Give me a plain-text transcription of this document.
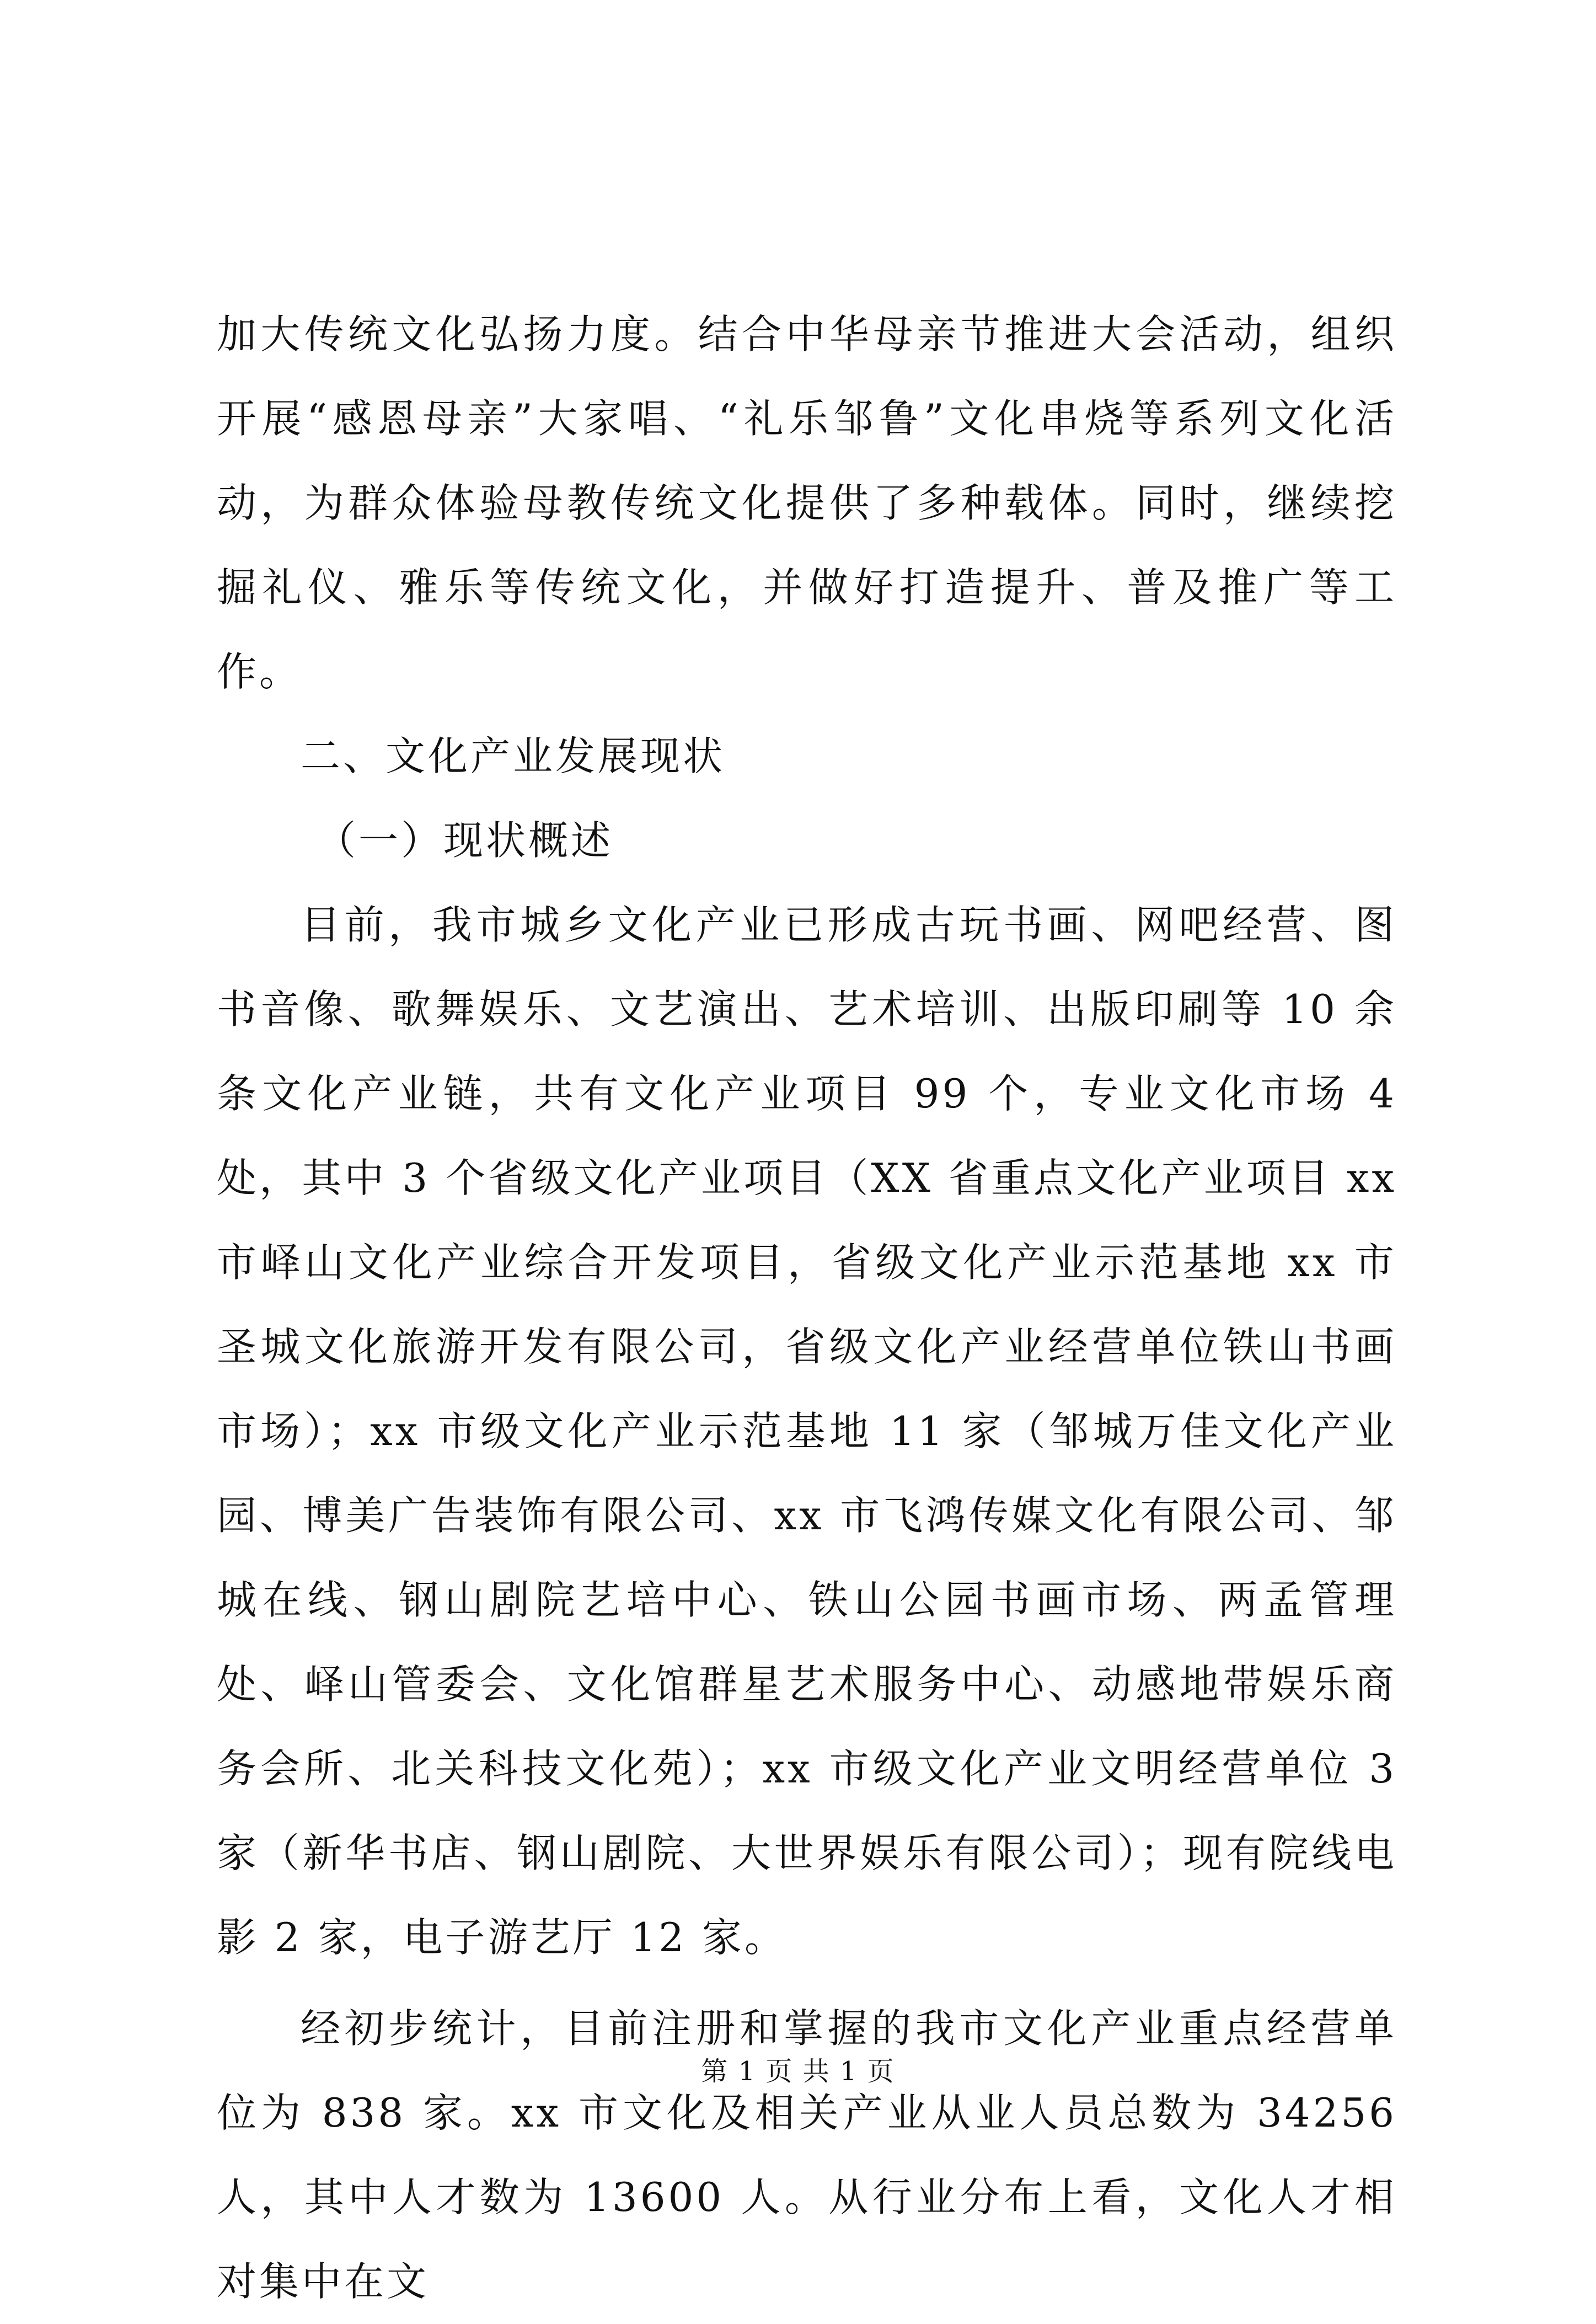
加大传统文化弘扬力度。结合中华母亲节推进大会活动，组织开展“感恩母亲”大家唱、“礼乐邹鲁”文化串烧等系列文化活动，为群众体验母教传统文化提供了多种载体。同时，继续挖掘礼仪、雅乐等传统文化，并做好打造提升、普及推广等工作。

二、文化产业发展现状

（一）现状概述

目前，我市城乡文化产业已形成古玩书画、网吧经营、图书音像、歌舞娱乐、文艺演出、艺术培训、出版印刷等 10 余条文化产业链，共有文化产业项目 99 个，专业文化市场 4 处，其中 3 个省级文化产业项目（XX 省重点文化产业项目 xx 市峄山文化产业综合开发项目，省级文化产业示范基地 xx 市圣城文化旅游开发有限公司，省级文化产业经营单位铁山书画市场）；xx 市级文化产业示范基地 11 家（邹城万佳文化产业园、博美广告装饰有限公司、xx 市飞鸿传媒文化有限公司、邹城在线、钢山剧院艺培中心、铁山公园书画市场、两孟管理处、峄山管委会、文化馆群星艺术服务中心、动感地带娱乐商务会所、北关科技文化苑）；xx 市级文化产业文明经营单位 3 家（新华书店、钢山剧院、大世界娱乐有限公司）；现有院线电影 2 家，电子游艺厅 12 家。

经初步统计，目前注册和掌握的我市文化产业重点经营单位为 838 家。xx 市文化及相关产业从业人员总数为 34256 人，其中人才数为 13600 人。从行业分布上看，文化人才相对集中在文

第 1 页 共 1 页
